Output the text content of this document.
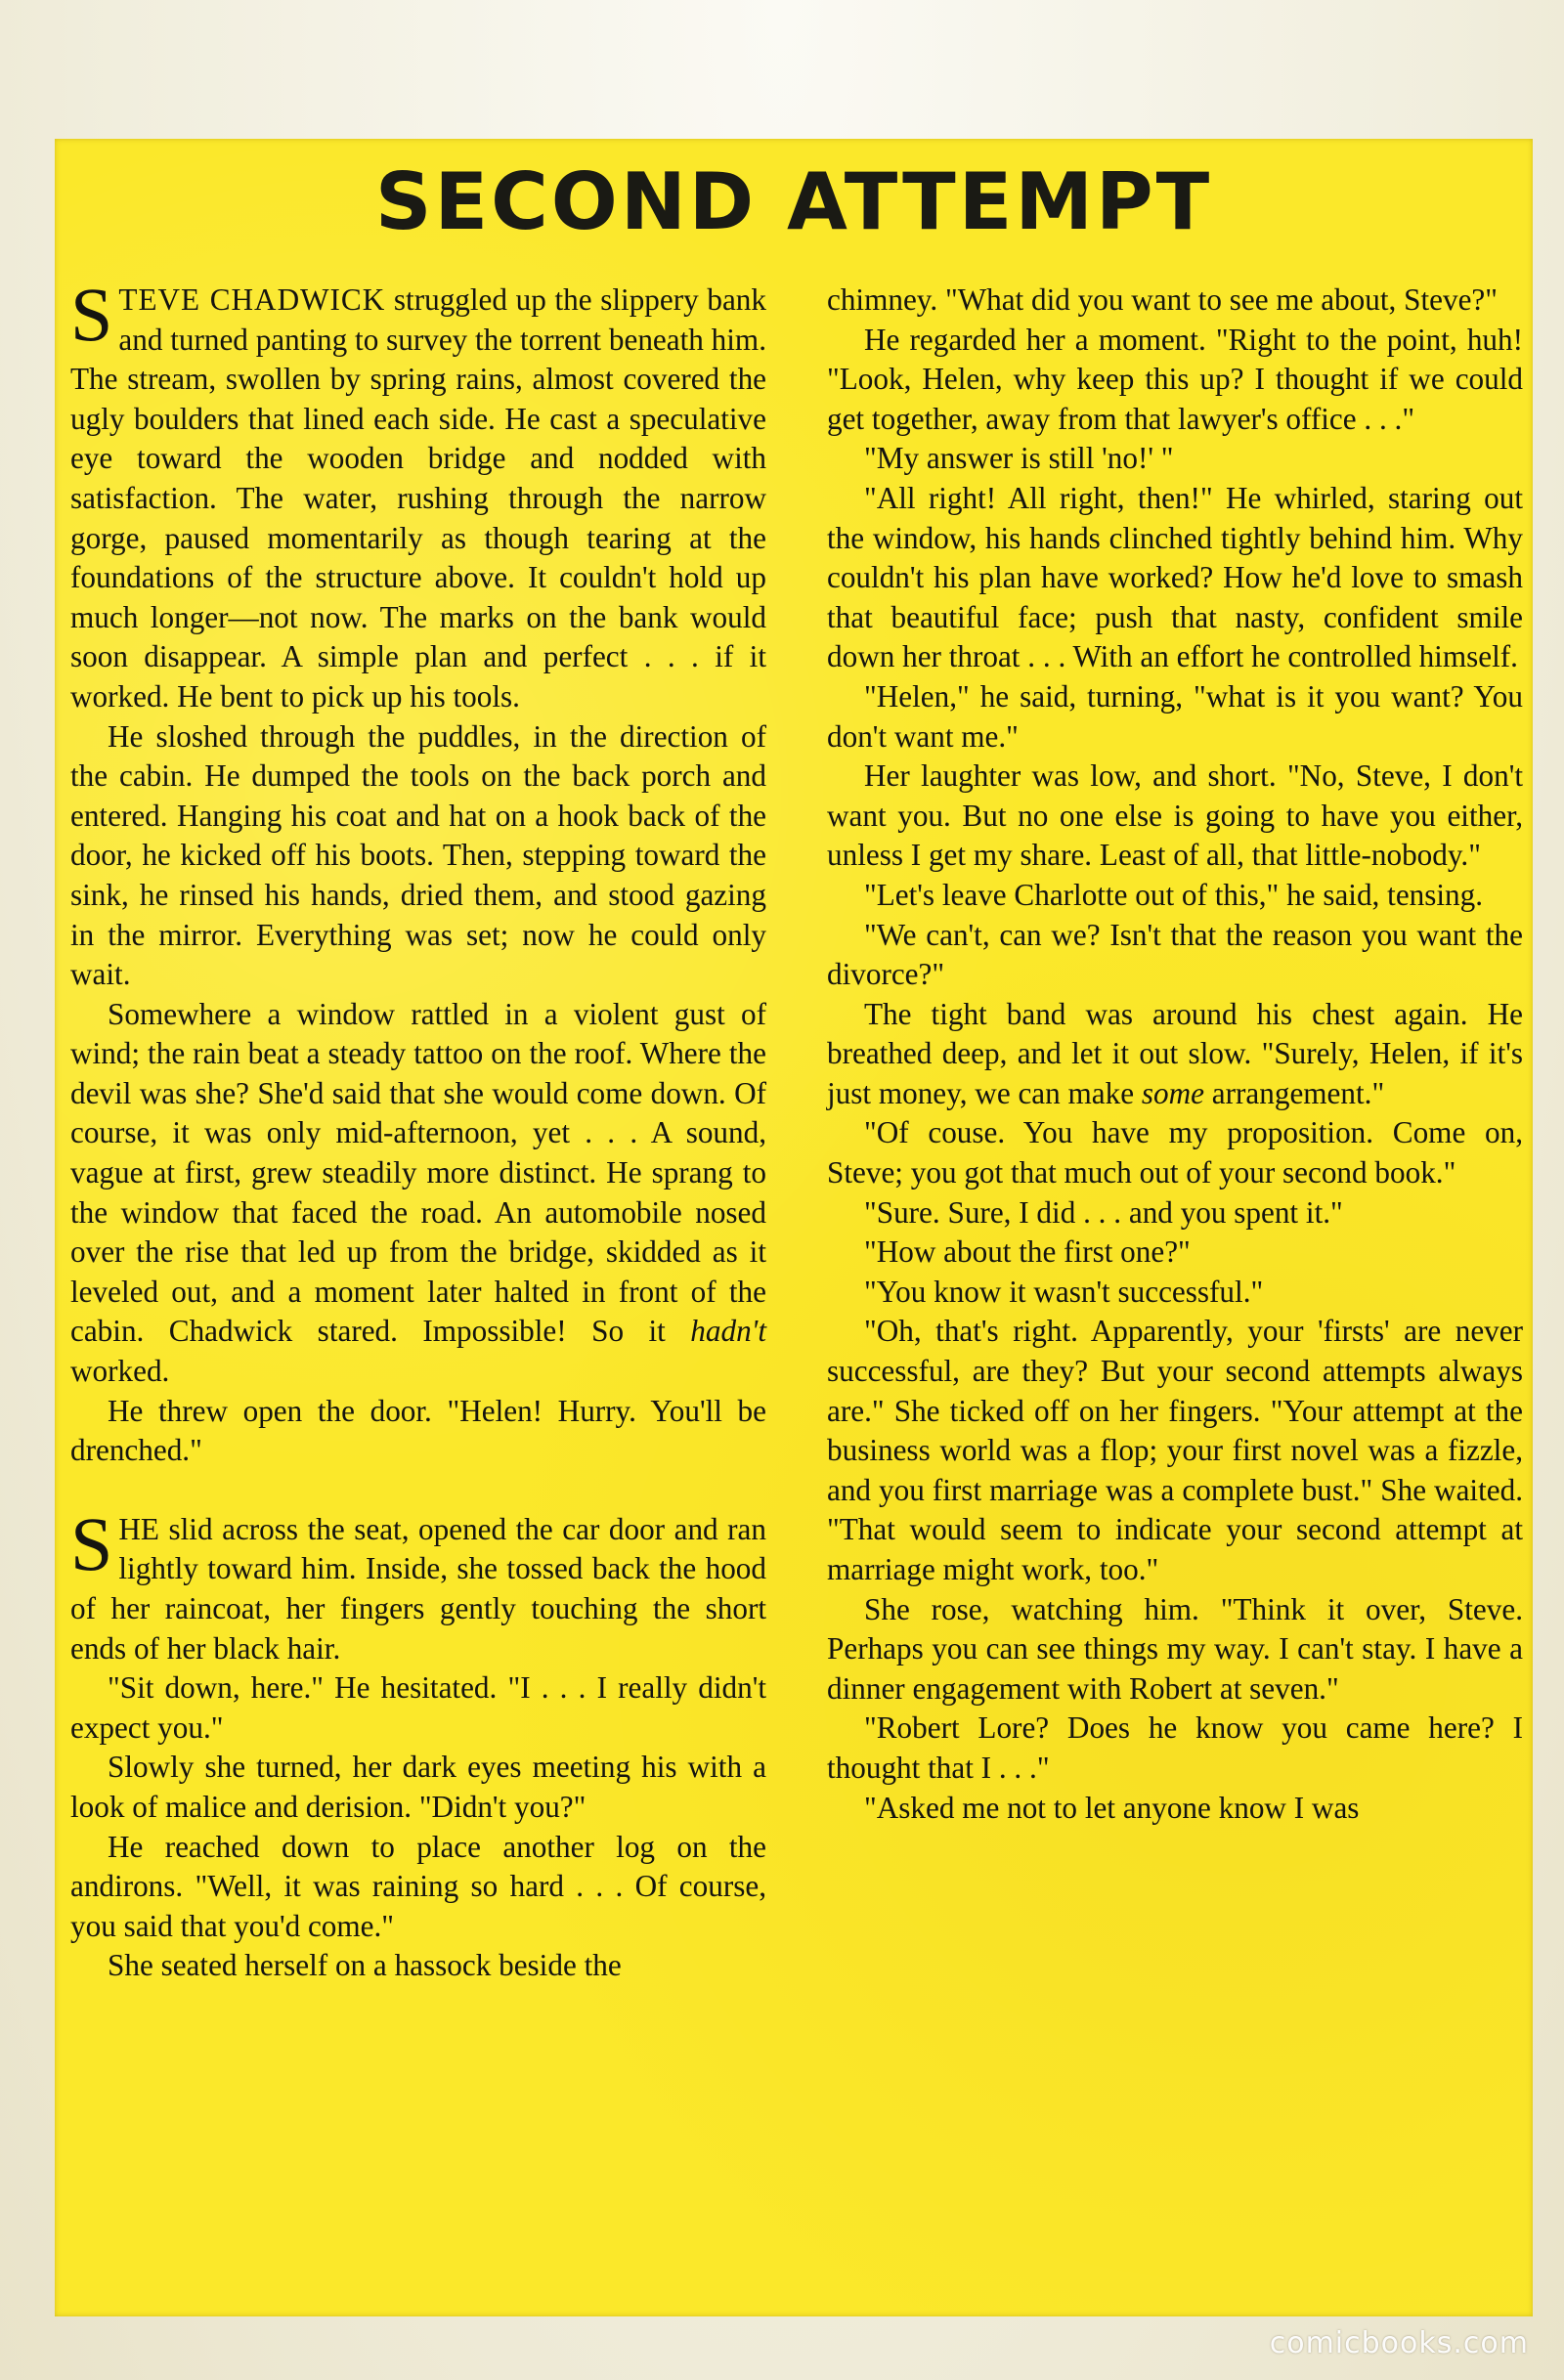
SECOND ATTEMPT

STEVE CHADWICK struggled up the slippery bank and turned panting to survey the torrent beneath him. The stream, swollen by spring rains, almost covered the ugly boulders that lined each side. He cast a speculative eye toward the wooden bridge and nodded with satisfaction. The water, rushing through the narrow gorge, paused momentarily as though tearing at the foundations of the structure above. It couldn't hold up much longer—not now. The marks on the bank would soon disappear. A simple plan and perfect . . . if it worked. He bent to pick up his tools.

He sloshed through the puddles, in the direction of the cabin. He dumped the tools on the back porch and entered. Hanging his coat and hat on a hook back of the door, he kicked off his boots. Then, stepping toward the sink, he rinsed his hands, dried them, and stood gazing in the mirror. Everything was set; now he could only wait.

Somewhere a window rattled in a violent gust of wind; the rain beat a steady tattoo on the roof. Where the devil was she? She'd said that she would come down. Of course, it was only mid-afternoon, yet . . . A sound, vague at first, grew steadily more distinct. He sprang to the window that faced the road. An automobile nosed over the rise that led up from the bridge, skidded as it leveled out, and a moment later halted in front of the cabin. Chadwick stared. Impossible! So it hadn't worked.

He threw open the door. "Helen! Hurry. You'll be drenched."

SHE slid across the seat, opened the car door and ran lightly toward him. Inside, she tossed back the hood of her raincoat, her fingers gently touching the short ends of her black hair.

"Sit down, here." He hesitated. "I . . . I really didn't expect you."

Slowly she turned, her dark eyes meeting his with a look of malice and derision. "Didn't you?"

He reached down to place another log on the andirons. "Well, it was raining so hard . . . Of course, you said that you'd come."

She seated herself on a hassock beside the

chimney. "What did you want to see me about, Steve?"

He regarded her a moment. "Right to the point, huh! "Look, Helen, why keep this up? I thought if we could get together, away from that lawyer's office . . ."

"My answer is still 'no!' "

"All right! All right, then!" He whirled, staring out the window, his hands clinched tightly behind him. Why couldn't his plan have worked? How he'd love to smash that beautiful face; push that nasty, confident smile down her throat . . . With an effort he controlled himself.

"Helen," he said, turning, "what is it you want? You don't want me."

Her laughter was low, and short. "No, Steve, I don't want you. But no one else is going to have you either, unless I get my share. Least of all, that little-nobody."

"Let's leave Charlotte out of this," he said, tensing.

"We can't, can we? Isn't that the reason you want the divorce?"

The tight band was around his chest again. He breathed deep, and let it out slow. "Surely, Helen, if it's just money, we can make some arrangement."

"Of couse. You have my proposition. Come on, Steve; you got that much out of your second book."

"Sure. Sure, I did . . . and you spent it."

"How about the first one?"

"You know it wasn't successful."

"Oh, that's right. Apparently, your 'firsts' are never successful, are they? But your second attempts always are." She ticked off on her fingers. "Your attempt at the business world was a flop; your first novel was a fizzle, and you first marriage was a complete bust." She waited. "That would seem to indicate your second attempt at marriage might work, too."

She rose, watching him. "Think it over, Steve. Perhaps you can see things my way. I can't stay. I have a dinner engagement with Robert at seven."

"Robert Lore? Does he know you came here? I thought that I . . ."

"Asked me not to let anyone know I was

comicbooks.com
